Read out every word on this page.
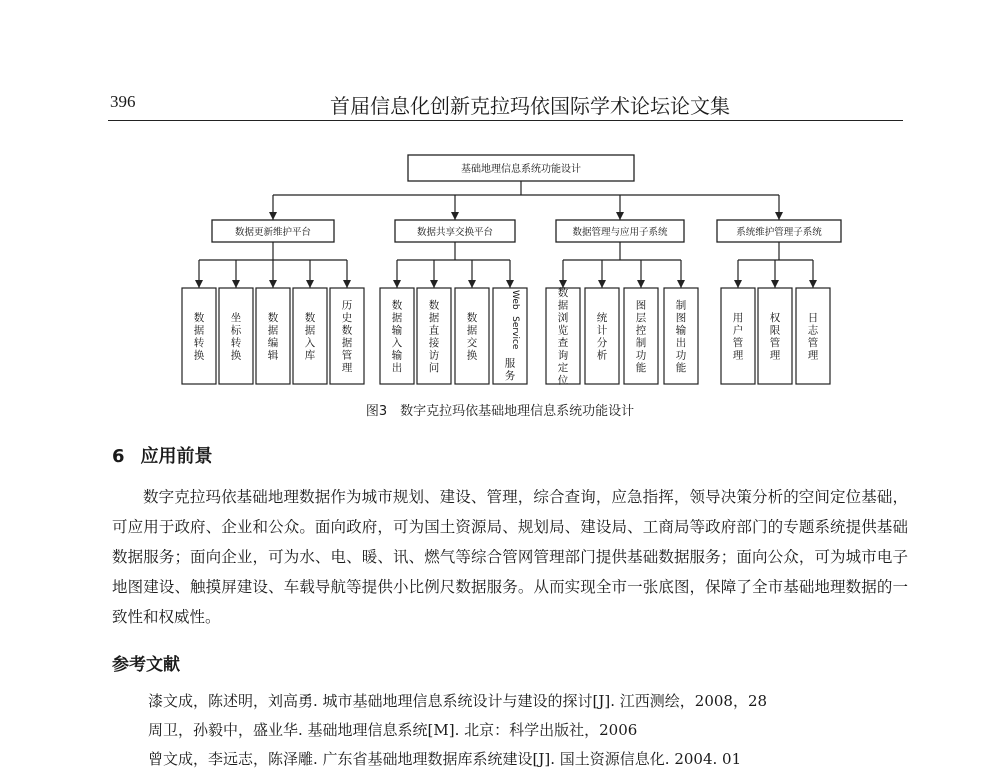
396	首届信息化创新克拉玛依国际学术论坛论文集
基础地理信息系统功能设计
数据更新维护平台
数据转换
坐标转换
数据编辑
数据入库
历史数据管理
数据共享交换平台
数据输入输出
数据直接访问
数据交换
服务
Web
Service
数据管理与应用子系统
数据浏览查询定位
统计分析
图层控制功能
制图输出功能
系统维护管理子系统
用户管理
权限管理
日志管理
图3　数字克拉玛依基础地理信息系统功能设计
6 应用前景
数字克拉玛依基础地理数据作为城市规划、建设、管理，综合查询，应急指挥，领导决策分析的空间定位基础，可应用于政府、企业和公众。面向政府，可为国土资源局、规划局、建设局、工商局等政府部门的专题系统提供基础数据服务；面向企业，可为水、电、暖、讯、燃气等综合管网管理部门提供基础数据服务；面向公众，可为城市电子地图建设、触摸屏建设、车载导航等提供小比例尺数据服务。从而实现全市一张底图，保障了全市基础地理数据的一致性和权威性。
参考文献
漆文成，陈述明，刘高勇. 城市基础地理信息系统设计与建设的探讨[J]. 江西测绘，2008，28
周卫，孙毅中，盛业华. 基础地理信息系统[M]. 北京：科学出版社，2006
曾文成，李远志，陈泽雕. 广东省基础地理数据库系统建设[J]. 国土资源信息化. 2004. 01
